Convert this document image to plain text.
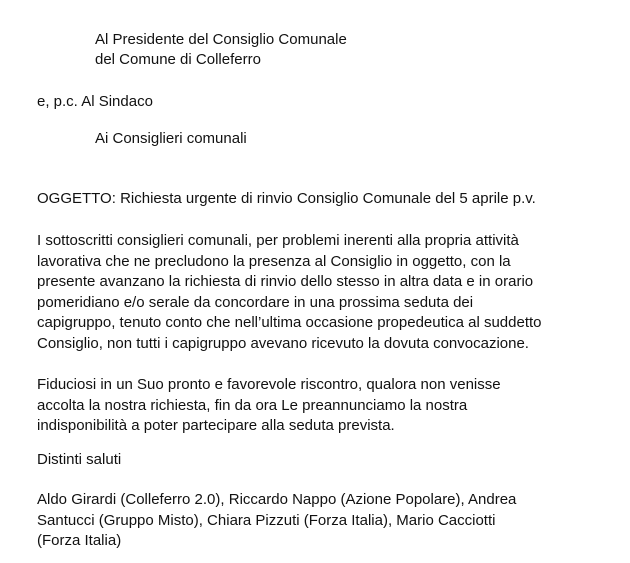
Al Presidente del Consiglio Comunale
del Comune di Colleferro
e, p.c. Al Sindaco
Ai Consiglieri comunali
OGGETTO: Richiesta urgente di rinvio Consiglio Comunale del 5 aprile p.v.
I sottoscritti consiglieri comunali, per problemi inerenti alla propria attività
lavorativa che ne precludono la presenza al Consiglio in oggetto, con la
presente avanzano la richiesta di rinvio dello stesso in altra data e in orario
pomeridiano e/o serale da concordare in una prossima seduta dei
capigruppo, tenuto conto che nell’ultima occasione propedeutica al suddetto
Consiglio, non tutti i capigruppo avevano ricevuto la dovuta convocazione.
Fiduciosi in un Suo pronto e favorevole riscontro, qualora non venisse
accolta la nostra richiesta, fin da ora Le preannunciamo la nostra
indisponibilità a poter partecipare alla seduta prevista.
Distinti saluti
Aldo Girardi (Colleferro 2.0), Riccardo Nappo (Azione Popolare), Andrea
Santucci (Gruppo Misto), Chiara Pizzuti (Forza Italia), Mario Cacciotti
(Forza Italia)
